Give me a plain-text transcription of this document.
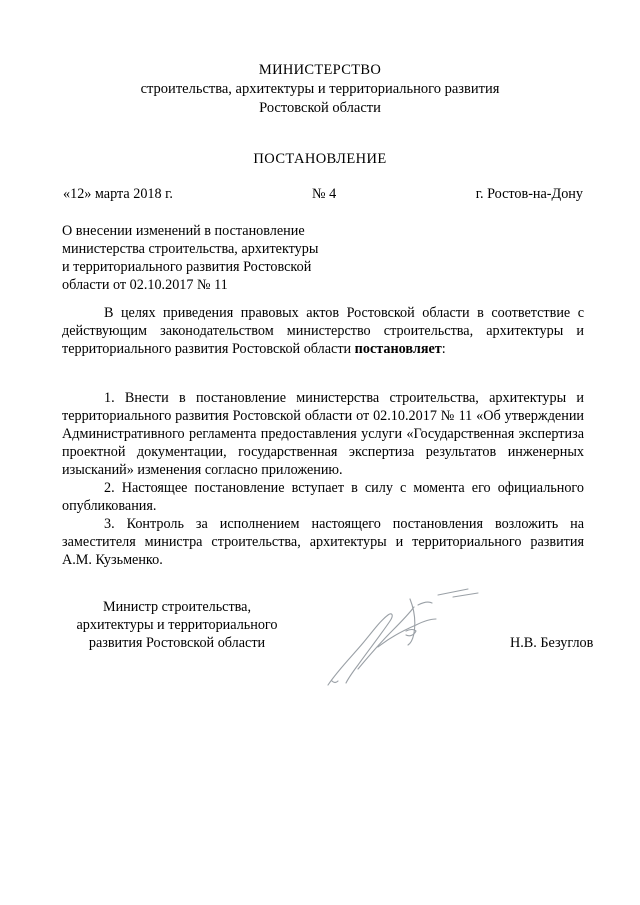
МИНИСТЕРСТВО
строительства, архитектуры и территориального развития
Ростовской области
ПОСТАНОВЛЕНИЕ
«12» марта 2018 г.	№ 4	г. Ростов-на-Дону
О внесении изменений в постановление
министерства строительства, архитектуры
и территориального развития Ростовской
области от 02.10.2017 № 11

В целях приведения правовых актов Ростовской области в соответствие с действующим законодательством министерство строительства, архитектуры и территориального развития Ростовской области постановляет:

1. Внести в постановление министерства строительства, архитектуры и территориального развития Ростовской области от 02.10.2017 № 11 «Об утверждении Административного регламента предоставления услуги «Государственная экспертиза проектной документации, государственная экспертиза результатов инженерных изысканий» изменения согласно приложению.

2. Настоящее постановление вступает в силу с момента его официального опубликования.

3. Контроль за исполнением настоящего постановления возложить на заместителя министра строительства, архитектуры и территориального развития А.М. Кузьменко.

Министр строительства,
архитектуры и территориального
развития Ростовской области	Н.В. Безуглов
